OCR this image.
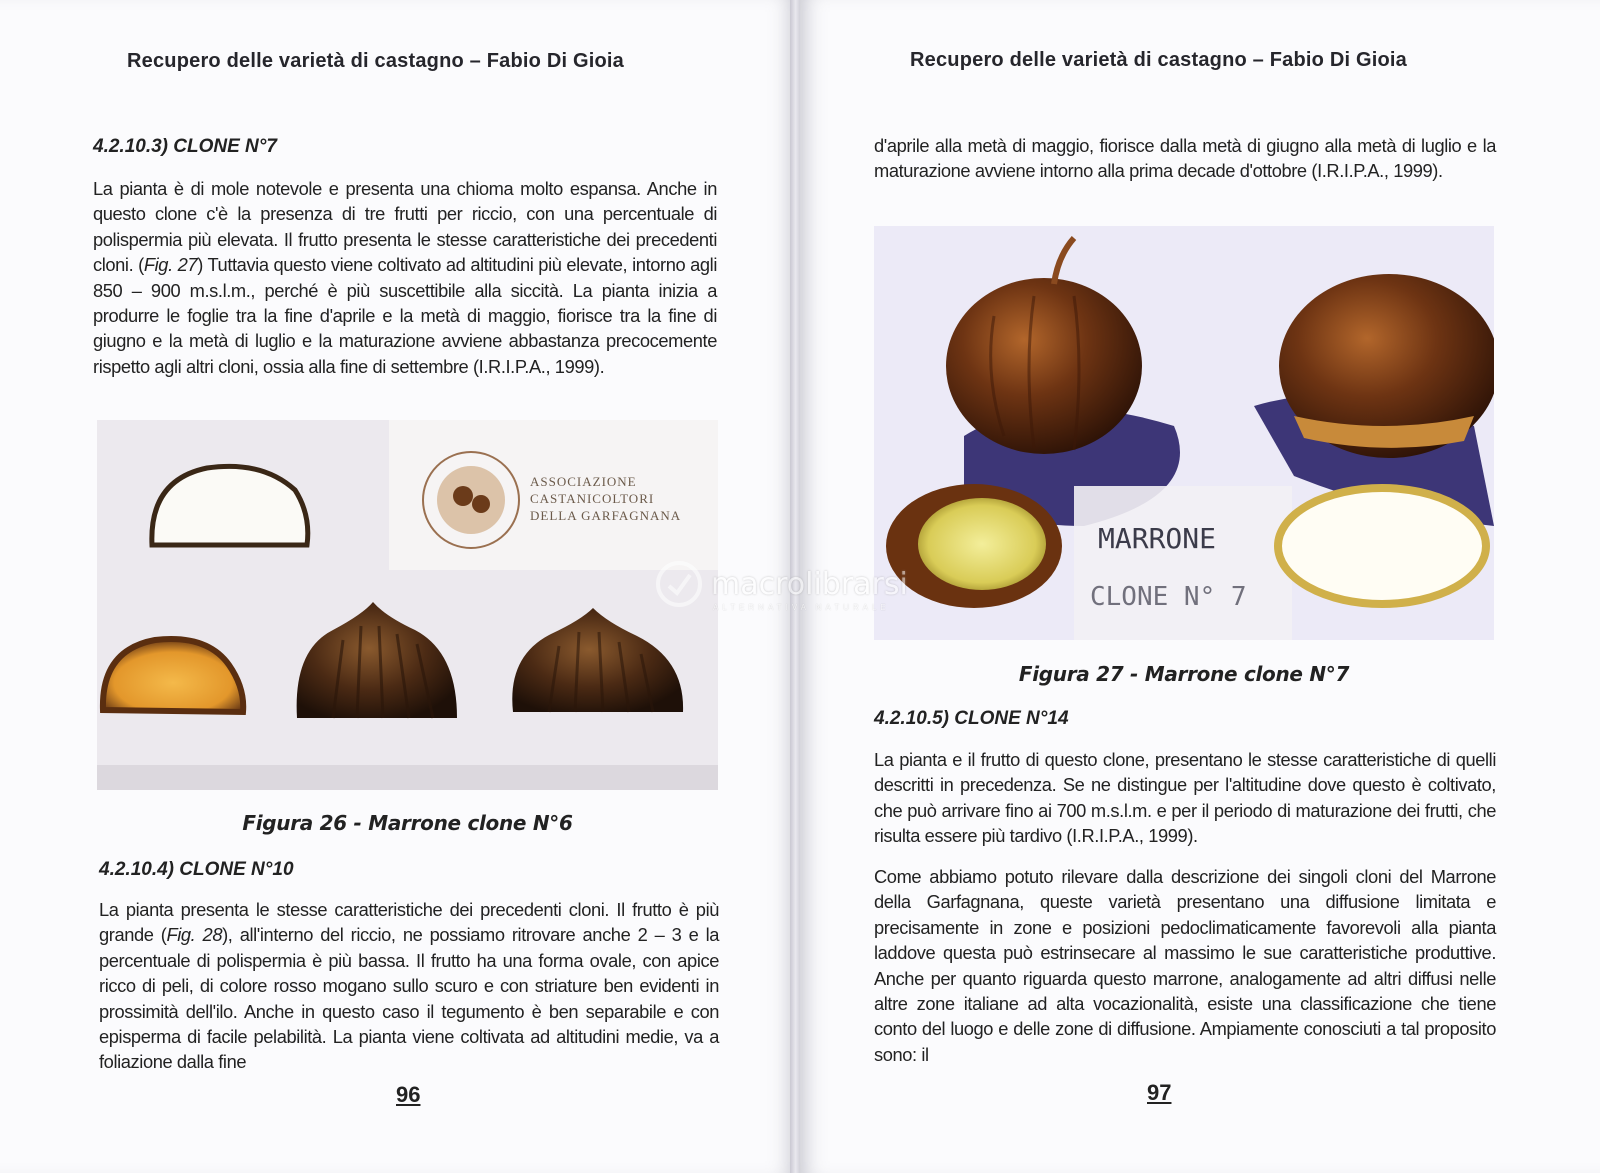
Recupero delle varietà di castagno – Fabio Di Gioia
4.2.10.3) CLONE N°7
La pianta è di mole notevole e presenta una chioma molto espansa. Anche in questo clone c'è la presenza di tre frutti per riccio, con una percentuale di polispermia più elevata. Il frutto presenta le stesse caratteristiche dei precedenti cloni. (Fig. 27) Tuttavia questo viene coltivato ad altitudini più elevate, intorno agli 850 – 900 m.s.l.m., perché è più suscettibile alla siccità. La pianta inizia a produrre le foglie tra la fine d'aprile e la metà di maggio, fiorisce tra la fine di giugno e la metà di luglio e la maturazione avviene abbastanza precocemente rispetto agli altri cloni, ossia alla fine di settembre (I.R.I.P.A., 1999).
ASSOCIAZIONE
CASTANICOLTORI
DELLA GARFAGNANA
Figura 26 - Marrone clone N°6
4.2.10.4) CLONE N°10
La pianta presenta le stesse caratteristiche dei precedenti cloni. Il frutto è più grande (Fig. 28), all'interno del riccio, ne possiamo ritrovare anche 2 – 3 e la percentuale di polispermia è più bassa. Il frutto ha una forma ovale, con apice ricco di peli, di colore rosso mogano sullo scuro e con striature ben evidenti in prossimità dell'ilo. Anche in questo caso il tegumento è ben separabile e con episperma di facile pelabilità. La pianta viene coltivata ad altitudini medie, va a foliazione dalla fine
96
Recupero delle varietà di castagno – Fabio Di Gioia
d'aprile alla metà di maggio, fiorisce dalla metà di giugno alla metà di luglio e la maturazione avviene intorno alla prima decade d'ottobre (I.R.I.P.A., 1999).
MARRONE
CLONE N° 7
Figura 27 - Marrone clone N°7
4.2.10.5) CLONE N°14
La pianta e il frutto di questo clone, presentano le stesse caratteristiche di quelli descritti in precedenza. Se ne distingue per l'altitudine dove questo è coltivato, che può arrivare fino ai 700 m.s.l.m. e per il periodo di maturazione dei frutti, che risulta essere più tardivo (I.R.I.P.A., 1999).
Come abbiamo potuto rilevare dalla descrizione dei singoli cloni del Marrone della Garfagnana, queste varietà presentano una diffusione limitata e precisamente in zone e posizioni pedoclimaticamente favorevoli alla pianta laddove questa può estrinsecare al massimo le sue caratteristiche produttive. Anche per quanto riguarda questo marrone, analogamente ad altri diffusi nelle altre zone italiane ad alta vocazionalità, esiste una classificazione che tiene conto del luogo e delle zone di diffusione. Ampiamente conosciuti a tal proposito sono: il
97
macrolibrarsi
ALTERNATIVA NATURALE
